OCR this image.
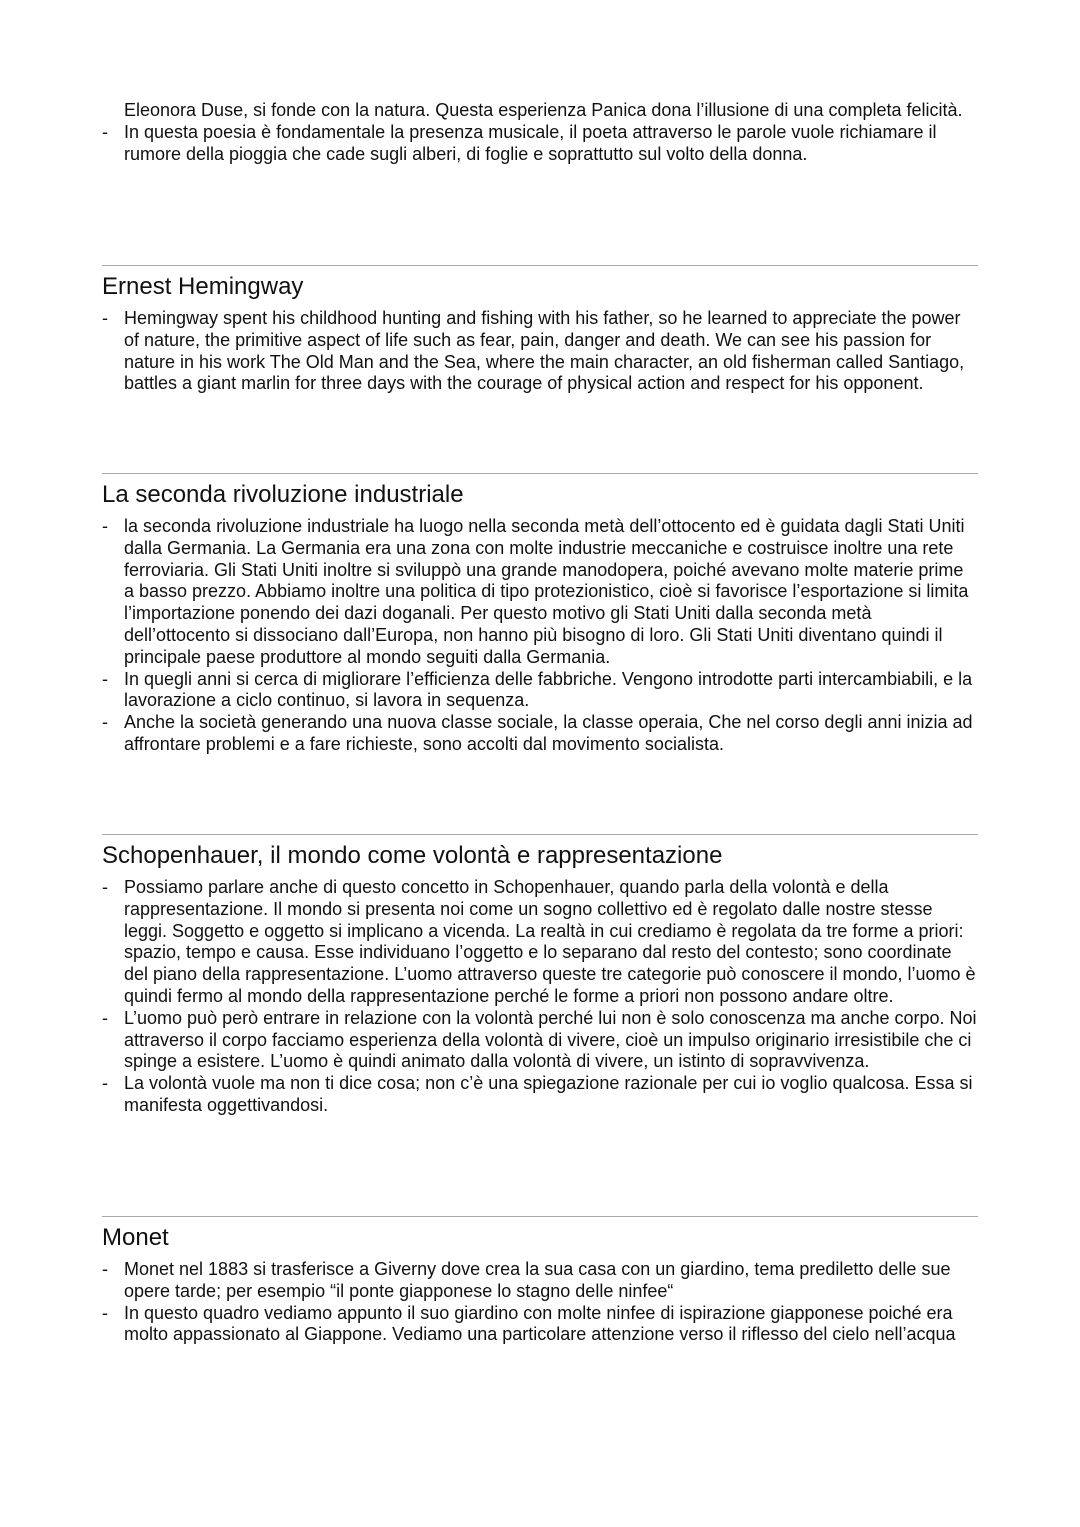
Eleonora Duse, si fonde con la natura. Questa esperienza Panica dona l’illusione di una completa felicità.
- In questa poesia è fondamentale la presenza musicale, il poeta attraverso le parole vuole richiamare il rumore della pioggia che cade sugli alberi, di foglie e soprattutto sul volto della donna.
Ernest Hemingway
- Hemingway spent his childhood hunting and fishing with his father, so he learned to appreciate the power of nature, the primitive aspect of life such as fear, pain, danger and death. We can see his passion for nature in his work The Old Man and the Sea, where the main character, an old fisherman called Santiago, battles a giant marlin for three days with the courage of physical action and respect for his opponent.
La seconda rivoluzione industriale
- la seconda rivoluzione industriale ha luogo nella seconda metà dell’ottocento ed è guidata dagli Stati Uniti dalla Germania. La Germania era una zona con molte industrie meccaniche e costruisce inoltre una rete ferroviaria. Gli Stati Uniti inoltre si sviluppò una grande manodopera, poiché avevano molte materie prime a basso prezzo. Abbiamo inoltre una politica di tipo protezionistico, cioè si favorisce l’esportazione si limita l’importazione ponendo dei dazi doganali. Per questo motivo gli Stati Uniti dalla seconda metà dell’ottocento si dissociano dall’Europa, non hanno più bisogno di loro. Gli Stati Uniti diventano quindi il principale paese produttore al mondo seguiti dalla Germania.
- In quegli anni si cerca di migliorare l’efficienza delle fabbriche. Vengono introdotte parti intercambiabili, e la lavorazione a ciclo continuo, si lavora in sequenza.
- Anche la società generando una nuova classe sociale, la classe operaia, Che nel corso degli anni inizia ad affrontare problemi e a fare richieste, sono accolti dal movimento socialista.
Schopenhauer, il mondo come volontà e rappresentazione
- Possiamo parlare anche di questo concetto in Schopenhauer, quando parla della volontà e della rappresentazione. Il mondo si presenta noi come un sogno collettivo ed è regolato dalle nostre stesse leggi. Soggetto e oggetto si implicano a vicenda. La realtà in cui crediamo è regolata da tre forme a priori: spazio, tempo e causa. Esse individuano l’oggetto e lo separano dal resto del contesto; sono coordinate del piano della rappresentazione. L’uomo attraverso queste tre categorie può conoscere il mondo, l’uomo è quindi fermo al mondo della rappresentazione perché le forme a priori non possono andare oltre.
- L’uomo può però entrare in relazione con la volontà perché lui non è solo conoscenza ma anche corpo. Noi attraverso il corpo facciamo esperienza della volontà di vivere, cioè un impulso originario irresistibile che ci spinge a esistere. L’uomo è quindi animato dalla volontà di vivere, un istinto di sopravvivenza.
- La volontà vuole ma non ti dice cosa; non c’è una spiegazione razionale per cui io voglio qualcosa. Essa si manifesta oggettivandosi.
Monet
- Monet nel 1883 si trasferisce a Giverny dove crea la sua casa con un giardino, tema prediletto delle sue opere tarde; per esempio “il ponte giapponese lo stagno delle ninfee“
- In questo quadro vediamo appunto il suo giardino con molte ninfee di ispirazione giapponese poiché era molto appassionato al Giappone. Vediamo una particolare attenzione verso il riflesso del cielo nell’acqua
